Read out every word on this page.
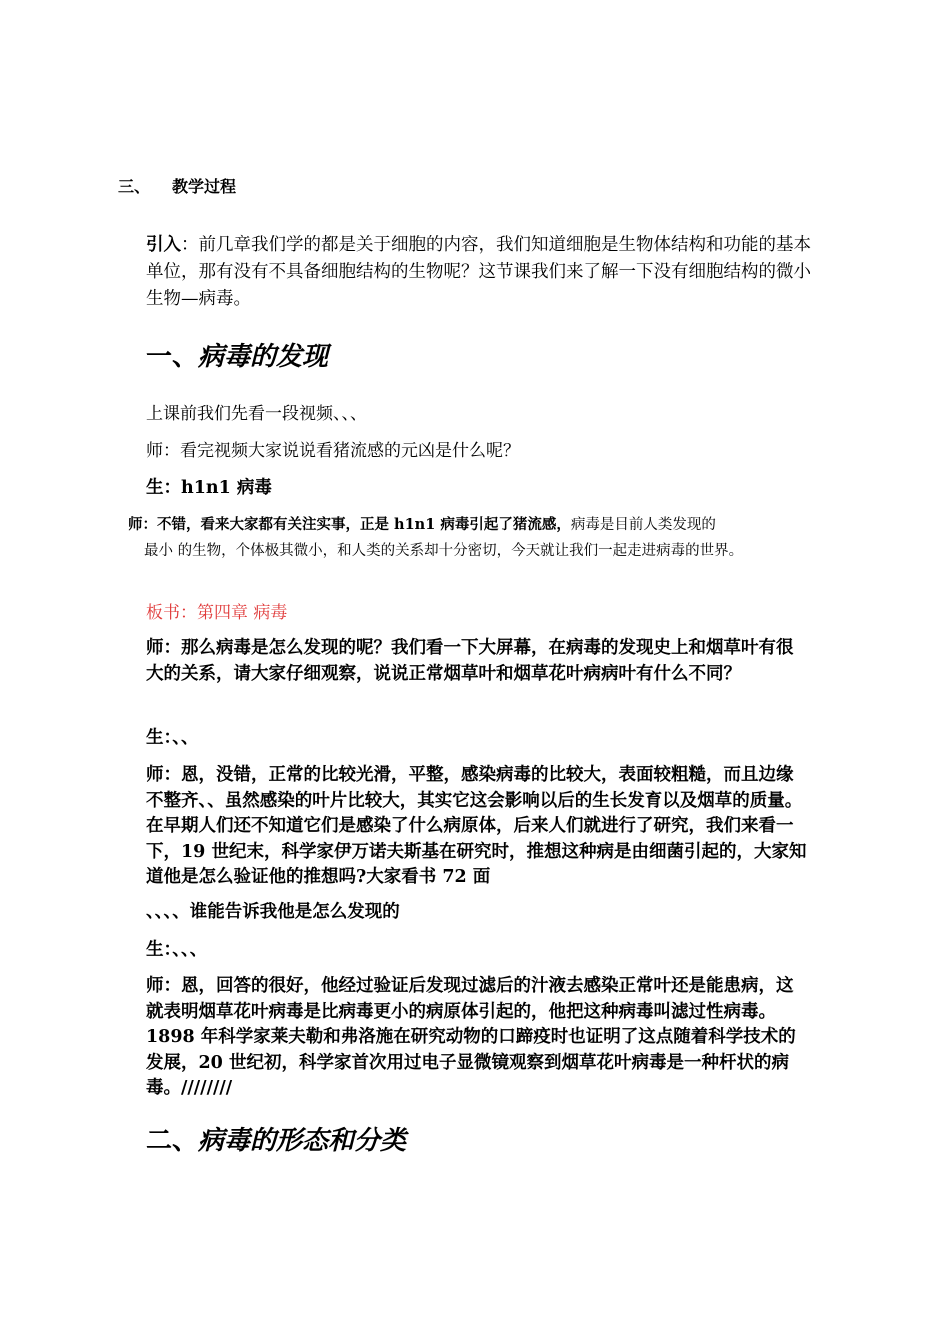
三、 教学过程

引入：前几章我们学的都是关于细胞的内容，我们知道细胞是生物体结构和功能的基本单位，那有没有不具备细胞结构的生物呢？这节课我们来了解一下没有细胞结构的微小生物—病毒。

一、病毒的发现

上课前我们先看一段视频、、、

师：看完视频大家说说看猪流感的元凶是什么呢？

生：h1n1 病毒

师：不错，看来大家都有关注实事，正是 h1n1 病毒引起了猪流感，病毒是目前人类发现的
最小 的生物，个体极其微小，和人类的关系却十分密切，今天就让我们一起走进病毒的世界。

板书：第四章 病毒

师：那么病毒是怎么发现的呢？我们看一下大屏幕，在病毒的发现史上和烟草叶有很大的关系，请大家仔细观察，说说正常烟草叶和烟草花叶病病叶有什么不同？

生：、、

师：恩，没错，正常的比较光滑，平整，感染病毒的比较大，表面较粗糙，而且边缘不整齐、、虽然感染的叶片比较大，其实它这会影响以后的生长发育以及烟草的质量。在早期人们还不知道它们是感染了什么病原体，后来人们就进行了研究，我们来看一下，19 世纪末，科学家伊万诺夫斯基在研究时，推想这种病是由细菌引起的，大家知道他是怎么验证他的推想吗?大家看书 72 面

、、、、谁能告诉我他是怎么发现的

生：、、、

师：恩，回答的很好，他经过验证后发现过滤后的汁液去感染正常叶还是能患病，这就表明烟草花叶病毒是比病毒更小的病原体引起的，他把这种病毒叫滤过性病毒。1898 年科学家莱夫勒和弗洛施在研究动物的口蹄疫时也证明了这点随着科学技术的发展，20 世纪初，科学家首次用过电子显微镜观察到烟草花叶病毒是一种杆状的病毒。////////

二、病毒的形态和分类
